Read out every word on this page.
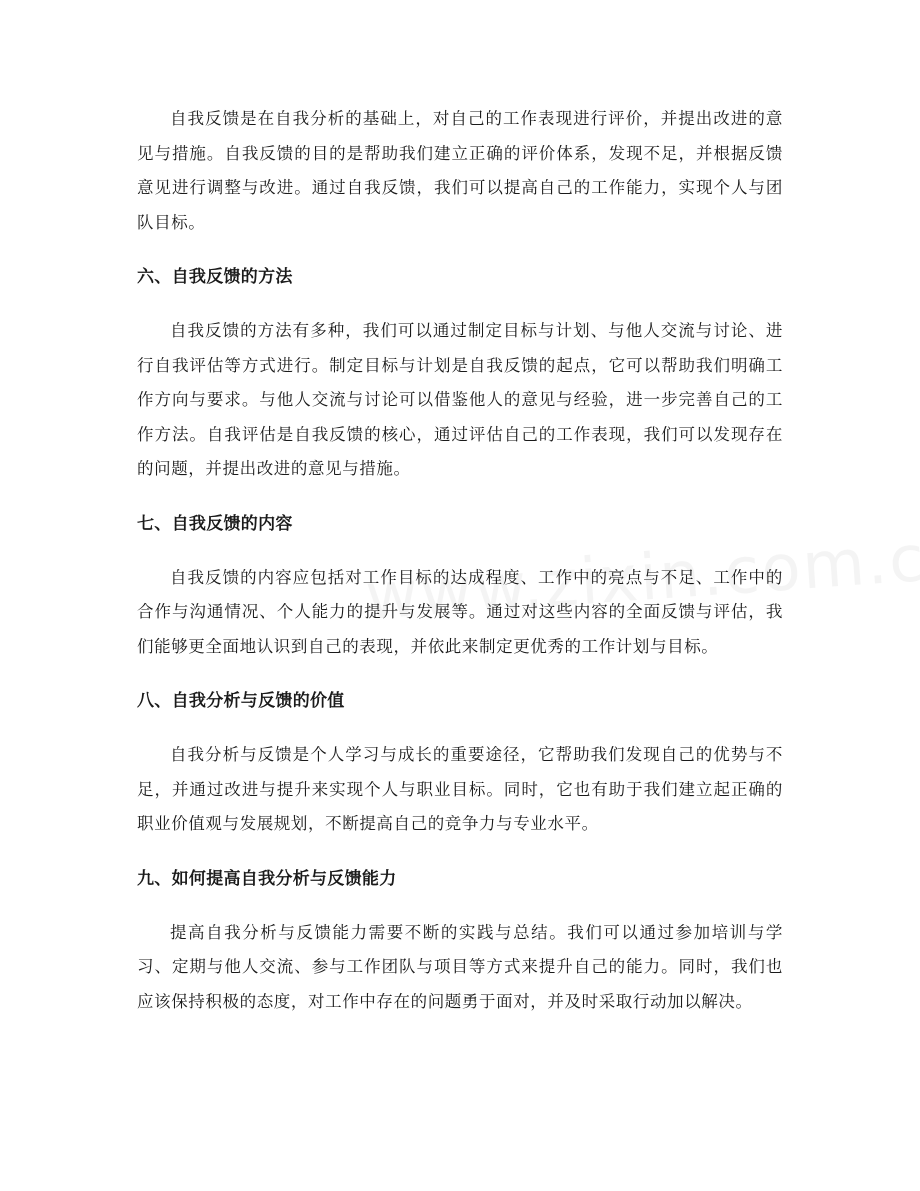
自我反馈是在自我分析的基础上，对自己的工作表现进行评价，并提出改进的意见与措施。自我反馈的目的是帮助我们建立正确的评价体系，发现不足，并根据反馈意见进行调整与改进。通过自我反馈，我们可以提高自己的工作能力，实现个人与团队目标。

六、自我反馈的方法

自我反馈的方法有多种，我们可以通过制定目标与计划、与他人交流与讨论、进行自我评估等方式进行。制定目标与计划是自我反馈的起点，它可以帮助我们明确工作方向与要求。与他人交流与讨论可以借鉴他人的意见与经验，进一步完善自己的工作方法。自我评估是自我反馈的核心，通过评估自己的工作表现，我们可以发现存在的问题，并提出改进的意见与措施。

七、自我反馈的内容

自我反馈的内容应包括对工作目标的达成程度、工作中的亮点与不足、工作中的合作与沟通情况、个人能力的提升与发展等。通过对这些内容的全面反馈与评估，我们能够更全面地认识到自己的表现，并依此来制定更优秀的工作计划与目标。

八、自我分析与反馈的价值

自我分析与反馈是个人学习与成长的重要途径，它帮助我们发现自己的优势与不足，并通过改进与提升来实现个人与职业目标。同时，它也有助于我们建立起正确的职业价值观与发展规划，不断提高自己的竞争力与专业水平。

九、如何提高自我分析与反馈能力

提高自我分析与反馈能力需要不断的实践与总结。我们可以通过参加培训与学习、定期与他人交流、参与工作团队与项目等方式来提升自己的能力。同时，我们也应该保持积极的态度，对工作中存在的问题勇于面对，并及时采取行动加以解决。
